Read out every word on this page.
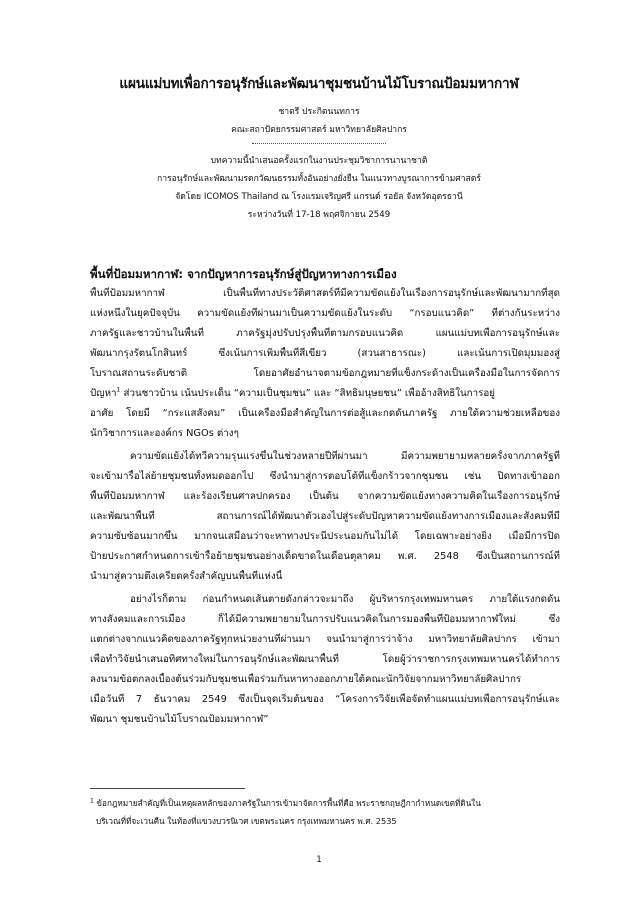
แผนแม่บทเพื่อการอนุรักษ์และพัฒนาชุมชนบ้านไม้โบราณป้อมมหากาฬ
ชาตรี ประกิตนนทการ
คณะสถาปัตยกรรมศาสตร์ มหาวิทยาลัยศิลปากร
บทความนี้นำเสนอครั้งแรกในงานประชุมวิชาการนานาชาติ
การอนุรักษ์และพัฒนามรดกวัฒนธรรมทั้งอันอย่างยั่งยืน ในแนวทางบูรณาการข้ามศาสตร์
จัดโดย ICOMOS Thailand ณ โรงแรมเจริญศรี แกรนด์ รอยัล จังหวัดอุดรธานี
ระหว่างวันที่ 17-18 พฤศจิกายน 2549
พื้นที่ป้อมมหากาฬ: จากปัญหาการอนุรักษ์สู่ปัญหาทางการเมือง
พื้นที่ป้อมมหากาฬ เป็นพื้นที่ทางประวัติศาสตร์ที่มีความขัดแย้งในเรื่องการอนุรักษ์และพัฒนามากที่สุด
แห่งหนึ่งในยุคปัจจุบัน ความขัดแย้งที่ผ่านมาเป็นความขัดแย้งในระดับ “กรอบแนวคิด” ที่ต่างกันระหว่าง
ภาครัฐและชาวบ้านในพื้นที่ ภาครัฐมุ่งปรับปรุงพื้นที่ตามกรอบแนวคิด แผนแม่บทเพื่อการอนุรักษ์และ
พัฒนากรุงรัตนโกสินทร์ ซึ่งเน้นการเพิ่มพื้นที่สีเขียว (สวนสาธารณะ) และเน้นการเปิดมุมมองสู่
โบราณสถานระดับชาติ โดยอาศัยอำนาจตามข้อกฎหมายที่แข็งกระด้างเป็นเครื่องมือในการจัดการ
ปัญหา$^1$ ส่วนชาวบ้าน เน้นประเด็น “ความเป็นชุมชน” และ “สิทธิมนุษยชน” เพื่ออ้างสิทธิในการอยู่
อาศัย โดยมี “กระแสสังคม” เป็นเครื่องมือสำคัญในการต่อสู้และกดดันภาครัฐ ภายใต้ความช่วยเหลือของ
นักวิชาการและองค์กร NGOs ต่างๆ
ความขัดแย้งได้ทวีความรุนแรงขึ้นในช่วงหลายปีที่ผ่านมา มีความพยายามหลายครั้งจากภาครัฐที่
จะเข้ามารื้อไล่ย้ายชุมชนทั้งหมดออกไป ซึ่งนำมาสู่การตอบโต้ที่แข็งกร้าวจากชุมชน เช่น ปิดทางเข้าออก
พื้นที่ป้อมมหากาฬ และร้องเรียนศาลปกครอง เป็นต้น จากความขัดแย้งทางความคิดในเรื่องการอนุรักษ์
และพัฒนาพื้นที่ สถานการณ์ได้พัฒนาตัวเองไปสู่ระดับปัญหาความขัดแย้งทางการเมืองและสังคมที่มี
ความซับซ้อนมากขึ้น มากจนเสมือนว่าจะหาทางประนีประนอมกันไม่ได้ โดยเฉพาะอย่างยิ่ง เมื่อมีการปิด
ป้ายประกาศกำหนดการเข้ารื้อย้ายชุมชนอย่างเด็ดขาดในเดือนตุลาคม พ.ศ. 2548 ซึ่งเป็นสถานการณ์ที่
นำมาสู่ความตึงเครียดครั้งสำคัญบนพื้นที่แห่งนี้
อย่างไรก็ตาม ก่อนกำหนดเส้นตายดังกล่าวจะมาถึง ผู้บริหารกรุงเทพมหานคร ภายใต้แรงกดดัน
ทางสังคมและการเมือง ก็ได้มีความพยายามในการปรับแนวคิดในการมองพื้นที่ป้อมมหากาฬใหม่ ซึ่ง
แตกต่างจากแนวคิดของภาครัฐทุกหน่วยงานที่ผ่านมา จนนำมาสู่การว่าจ้าง มหาวิทยาลัยศิลปากร เข้ามา
เพื่อทำวิจัยนำเสนอทิศทางใหม่ในการอนุรักษ์และพัฒนาพื้นที่ โดยผู้ว่าราชการกรุงเทพมหานครได้ทำการ
ลงนามข้อตกลงเบื้องต้นร่วมกับชุมชนเพื่อร่วมกันหาทางออกภายใต้คณะนักวิจัยจากมหาวิทยาลัยศิลปากร
เมื่อวันที่ 7 ธันวาคม 2549 ซึ่งเป็นจุดเริ่มต้นของ “โครงการวิจัยเพื่อจัดทำแผนแม่บทเพื่อการอนุรักษ์และ
พัฒนา ชุมชนบ้านไม้โบราณป้อมมหากาฬ”
$^1$ ข้อกฎหมายสำคัญที่เป็นเหตุผลหลักของภาครัฐในการเข้ามาจัดการพื้นที่คือ พระราชกฤษฎีกากำหนดเขตที่ดินใน
บริเวณที่ที่จะเวนคืน ในท้องที่แขวงบวรนิเวศ เขตพระนคร กรุงเทพมหานคร พ.ศ. 2535
1
